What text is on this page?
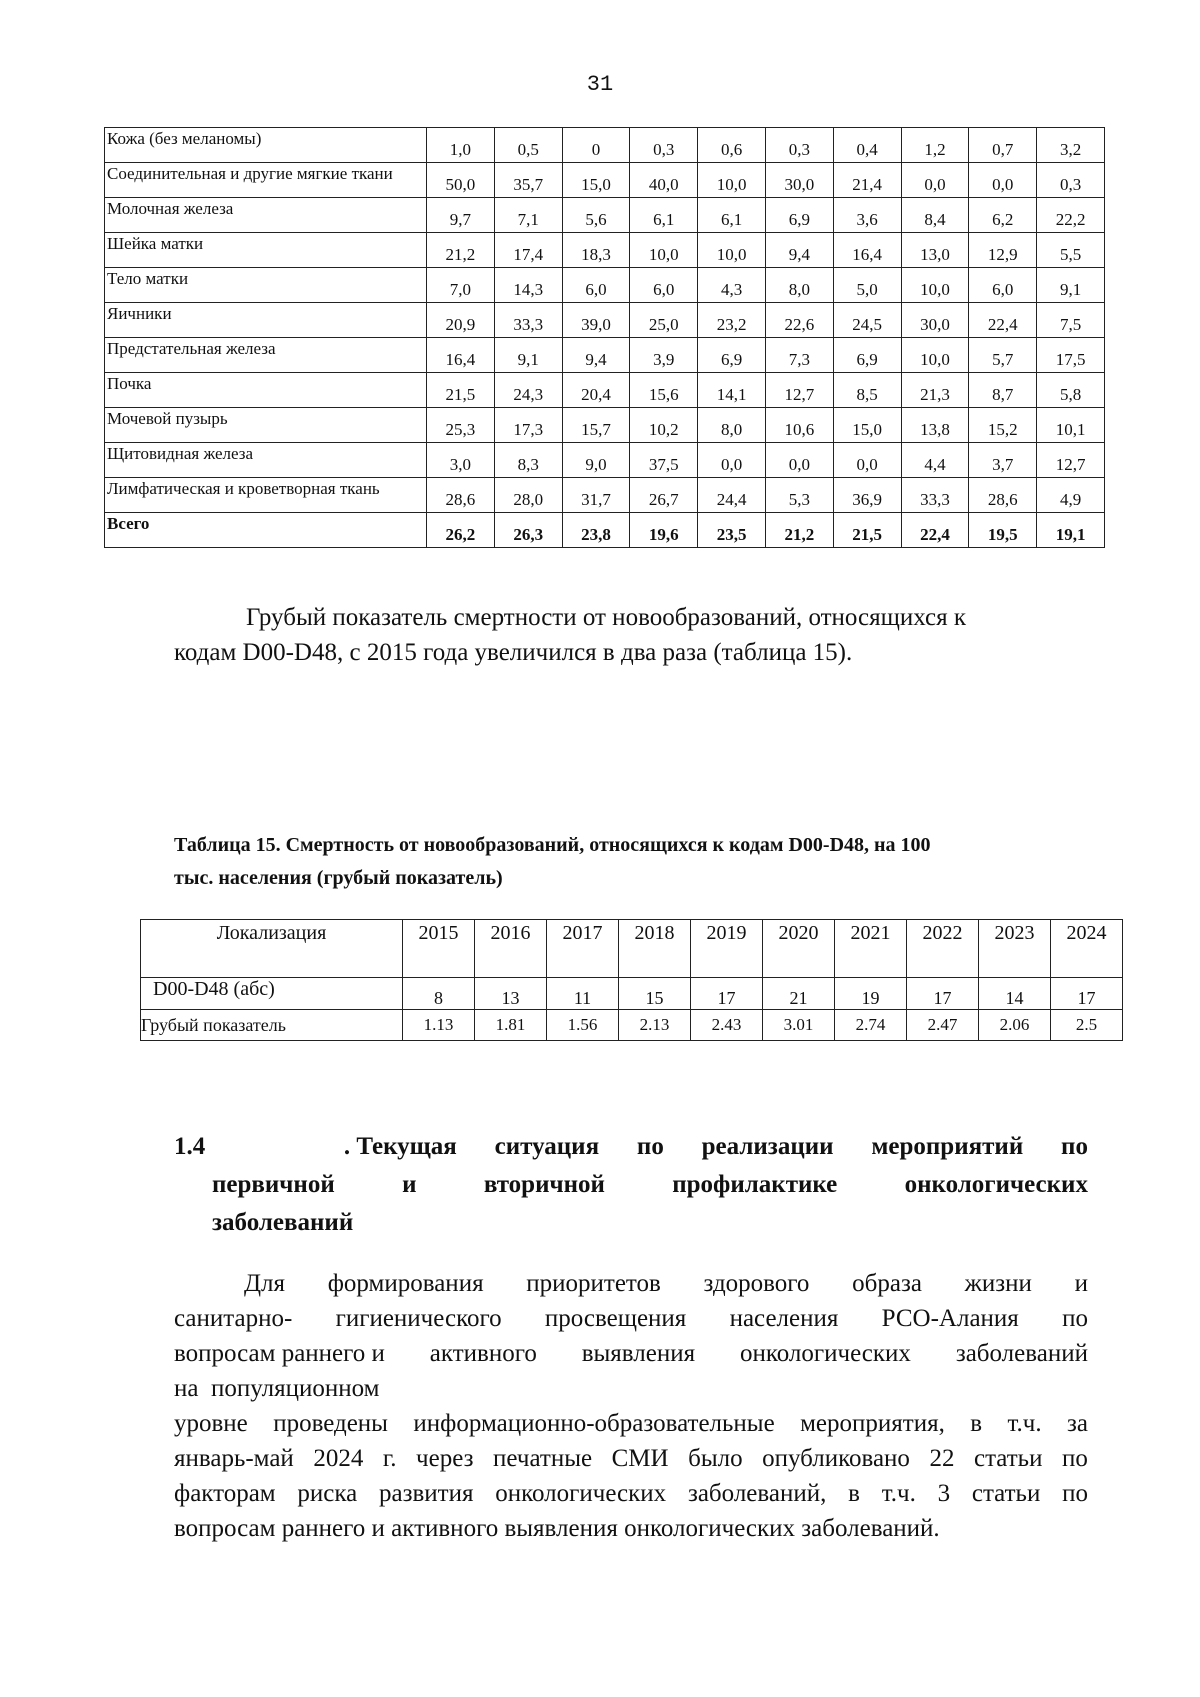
31
Кожа (без меланомы)	1,0	0,5	0	0,3	0,6	0,3	0,4	1,2	0,7	3,2
Соединительная и другие мягкие ткани	50,0	35,7	15,0	40,0	10,0	30,0	21,4	0,0	0,0	0,3
Молочная железа	9,7	7,1	5,6	6,1	6,1	6,9	3,6	8,4	6,2	22,2
Шейка матки	21,2	17,4	18,3	10,0	10,0	9,4	16,4	13,0	12,9	5,5
Тело матки	7,0	14,3	6,0	6,0	4,3	8,0	5,0	10,0	6,0	9,1
Яичники	20,9	33,3	39,0	25,0	23,2	22,6	24,5	30,0	22,4	7,5
Предстательная железа	16,4	9,1	9,4	3,9	6,9	7,3	6,9	10,0	5,7	17,5
Почка	21,5	24,3	20,4	15,6	14,1	12,7	8,5	21,3	8,7	5,8
Мочевой пузырь	25,3	17,3	15,7	10,2	8,0	10,6	15,0	13,8	15,2	10,1
Щитовидная железа	3,0	8,3	9,0	37,5	0,0	0,0	0,0	4,4	3,7	12,7
Лимфатическая и кроветворная ткань	28,6	28,0	31,7	26,7	24,4	5,3	36,9	33,3	28,6	4,9
Всего	26,2	26,3	23,8	19,6	23,5	21,2	21,5	22,4	19,5	19,1
Грубый показатель смертности от новообразований, относящихся к
кодам D00-D48, с 2015 года увеличился в два раза (таблица 15).
Таблица 15. Смертность от новообразований, относящихся к кодам D00-D48, на 100
тыс. населения (грубый показатель)
Локализация	2015	2016	2017	2018	2019	2020	2021	2022	2023	2024
D00-D48 (абс)	8	13	11	15	17	21	19	17	14	17
Грубый показатель	1.13	1.81	1.56	2.13	2.43	3.01	2.74	2.47	2.06	2.5
1.4	. Текущая ситуация по реализации мероприятий по
первичной	и	вторичной	профилактике	онкологических
заболеваний
Для формирования приоритетов здорового образа жизни и
санитарно- гигиенического просвещения населения РСО-Алания по
вопросам раннего и активного выявления онкологических заболеваний
на  популяционном
уровне проведены информационно-образовательные мероприятия, в т.ч. за
январь-май 2024 г. через печатные СМИ было опубликовано 22 статьи по
факторам риска развития онкологических заболеваний, в т.ч. 3 статьи по
вопросам раннего и активного выявления онкологических заболеваний.
